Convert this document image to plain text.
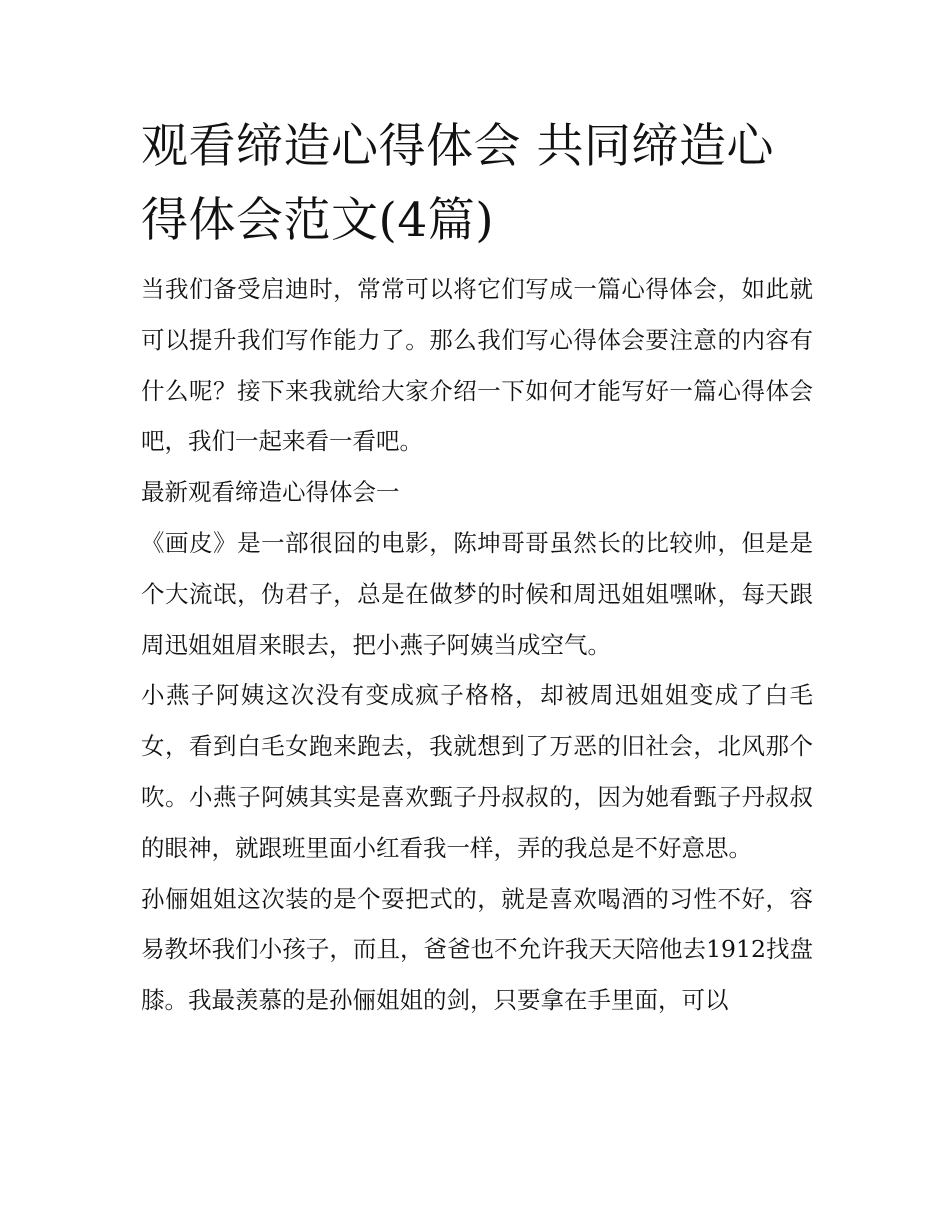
观看缔造心得体会 共同缔造心得体会范文(4篇)

当我们备受启迪时，常常可以将它们写成一篇心得体会，如此就可以提升我们写作能力了。那么我们写心得体会要注意的内容有什么呢？接下来我就给大家介绍一下如何才能写好一篇心得体会吧，我们一起来看一看吧。

最新观看缔造心得体会一

《画皮》是一部很囧的电影，陈坤哥哥虽然长的比较帅，但是是个大流氓，伪君子，总是在做梦的时候和周迅姐姐嘿咻，每天跟周迅姐姐眉来眼去，把小燕子阿姨当成空气。

小燕子阿姨这次没有变成疯子格格，却被周迅姐姐变成了白毛女，看到白毛女跑来跑去，我就想到了万恶的旧社会，北风那个吹。小燕子阿姨其实是喜欢甄子丹叔叔的，因为她看甄子丹叔叔的眼神，就跟班里面小红看我一样，弄的我总是不好意思。

孙俪姐姐这次装的是个耍把式的，就是喜欢喝酒的习性不好，容易教坏我们小孩子，而且，爸爸也不允许我天天陪他去1912找盘膝。我最羡慕的是孙俪姐姐的剑，只要拿在手里面，可以
